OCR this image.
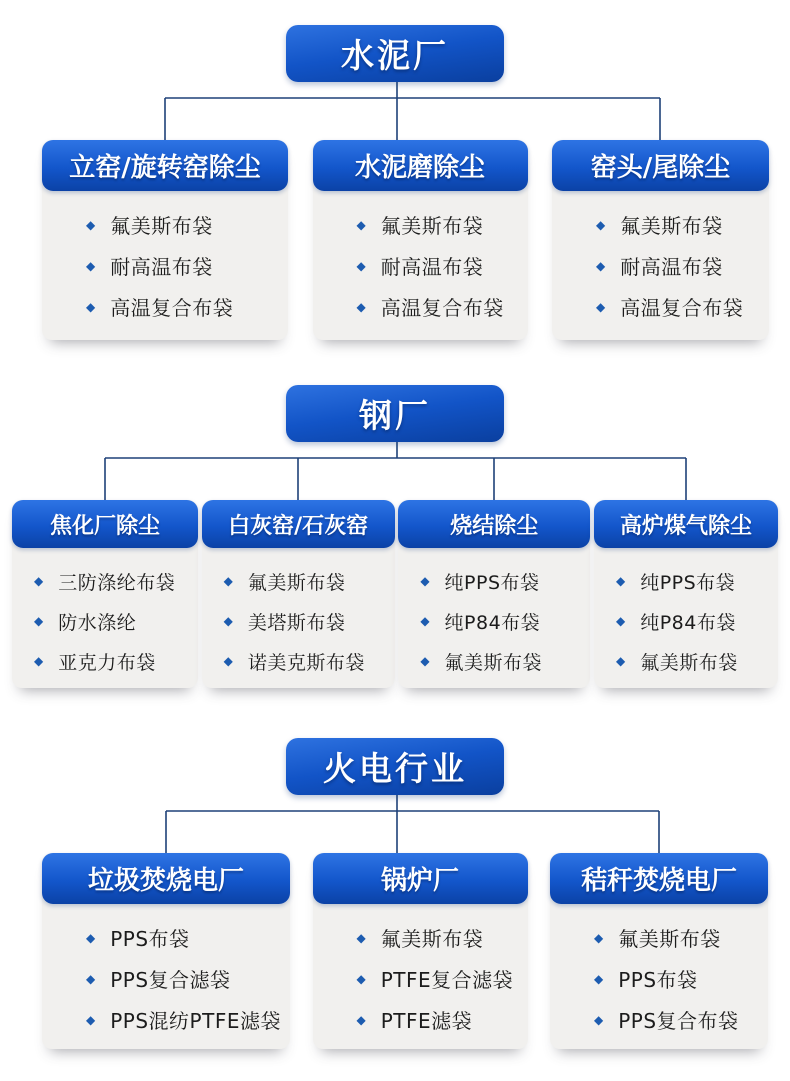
水泥厂
立窑/旋转窑除尘
◆ 氟美斯布袋
◆ 耐高温布袋
◆ 高温复合布袋
水泥磨除尘
◆ 氟美斯布袋
◆ 耐高温布袋
◆ 高温复合布袋
窑头/尾除尘
◆ 氟美斯布袋
◆ 耐高温布袋
◆ 高温复合布袋
钢厂
焦化厂除尘
◆ 三防涤纶布袋
◆ 防水涤纶
◆ 亚克力布袋
白灰窑/石灰窑
◆ 氟美斯布袋
◆ 美塔斯布袋
◆ 诺美克斯布袋
烧结除尘
◆ 纯PPS布袋
◆ 纯P84布袋
◆ 氟美斯布袋
高炉煤气除尘
◆ 纯PPS布袋
◆ 纯P84布袋
◆ 氟美斯布袋
火电行业
垃圾焚烧电厂
◆ PPS布袋
◆ PPS复合滤袋
◆ PPS混纺PTFE滤袋
锅炉厂
◆ 氟美斯布袋
◆ PTFE复合滤袋
◆ PTFE滤袋
秸秆焚烧电厂
◆ 氟美斯布袋
◆ PPS布袋
◆ PPS复合布袋
